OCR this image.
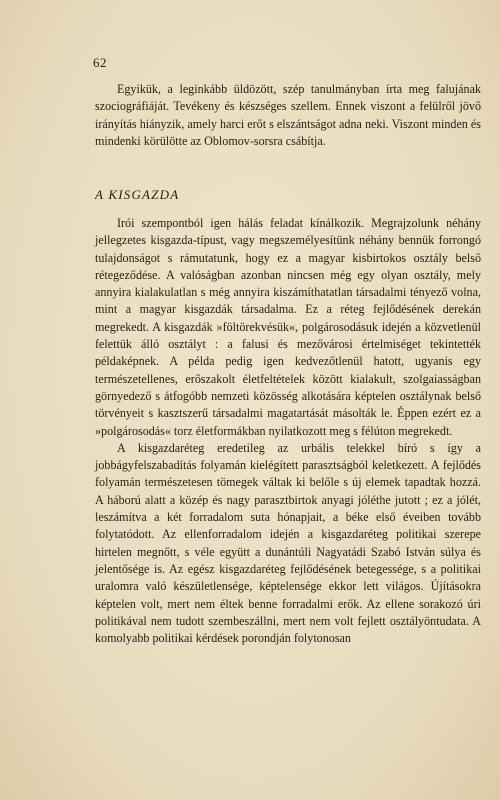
62

Egyikük, a leginkább üldözött, szép tanulmányban írta meg falujának szociográfiáját. Tevékeny és készséges szellem. Ennek viszont a felülről jövő irányítás hiányzik, amely harci erőt s elszántságot adna neki. Viszont minden és mindenki körülötte az Oblomov-sorsra csábítja.

A KISGAZDA

Irói szempontból igen hálás feladat kínálkozik. Megrajzolunk néhány jellegzetes kisgazda-típust, vagy megszemélyesítünk néhány bennük forrongó tulajdonságot s rámutatunk, hogy ez a magyar kisbirtokos osztály belső rétegeződése. A valóságban azonban nincsen még egy olyan osztály, mely annyira kialakulatlan s még annyira kiszámíthatatlan társadalmi tényező volna, mint a magyar kisgazdák társadalma. Ez a réteg fejlődésének derekán megrekedt. A kisgazdák »föltörekvésük«, polgárosodásuk idején a közvetlenül felettük álló osztályt : a falusi és mezővárosi értelmiséget tekintették példaképnek. A példa pedig igen kedvezőtlenül hatott, ugyanis egy természetellenes, erőszakolt életfeltételek között kialakult, szolgaiasságban görnyedező s átfogóbb nemzeti közösség alkotására képtelen osztálynak belső törvényeit s kasztszerű társadalmi magatartását másolták le. Éppen ezért ez a »polgárosodás« torz életformákban nyilatkozott meg s félúton megrekedt.

A kisgazdaréteg eredetileg az urbális telekkel bíró s így a jobbágyfelszabadítás folyamán kielégített parasztságból keletkezett. A fejlődés folyamán természetesen tömegek váltak ki belőle s új elemek tapadtak hozzá. A háború alatt a közép és nagy parasztbirtok anyagi jóléthe jutott ; ez a jólét, leszámítva a két forradalom suta hónapjait, a béke első éveiben tovább folytatódott. Az ellenforradalom idején a kisgazdaréteg politikai szerepe hirtelen megnőtt, s véle együtt a dunántúli Nagyatádi Szabó István súlya és jelentősége is. Az egész kisgazdaréteg fejlődésének betegessége, s a politikai uralomra való készületlensége, képtelensége ekkor lett világos. Újításokra képtelen volt, mert nem éltek benne forradalmi erők. Az ellene sorakozó úri politikával nem tudott szembeszállni, mert nem volt fejlett osztályöntudata. A komolyabb politikai kérdések porondján folytonosan
